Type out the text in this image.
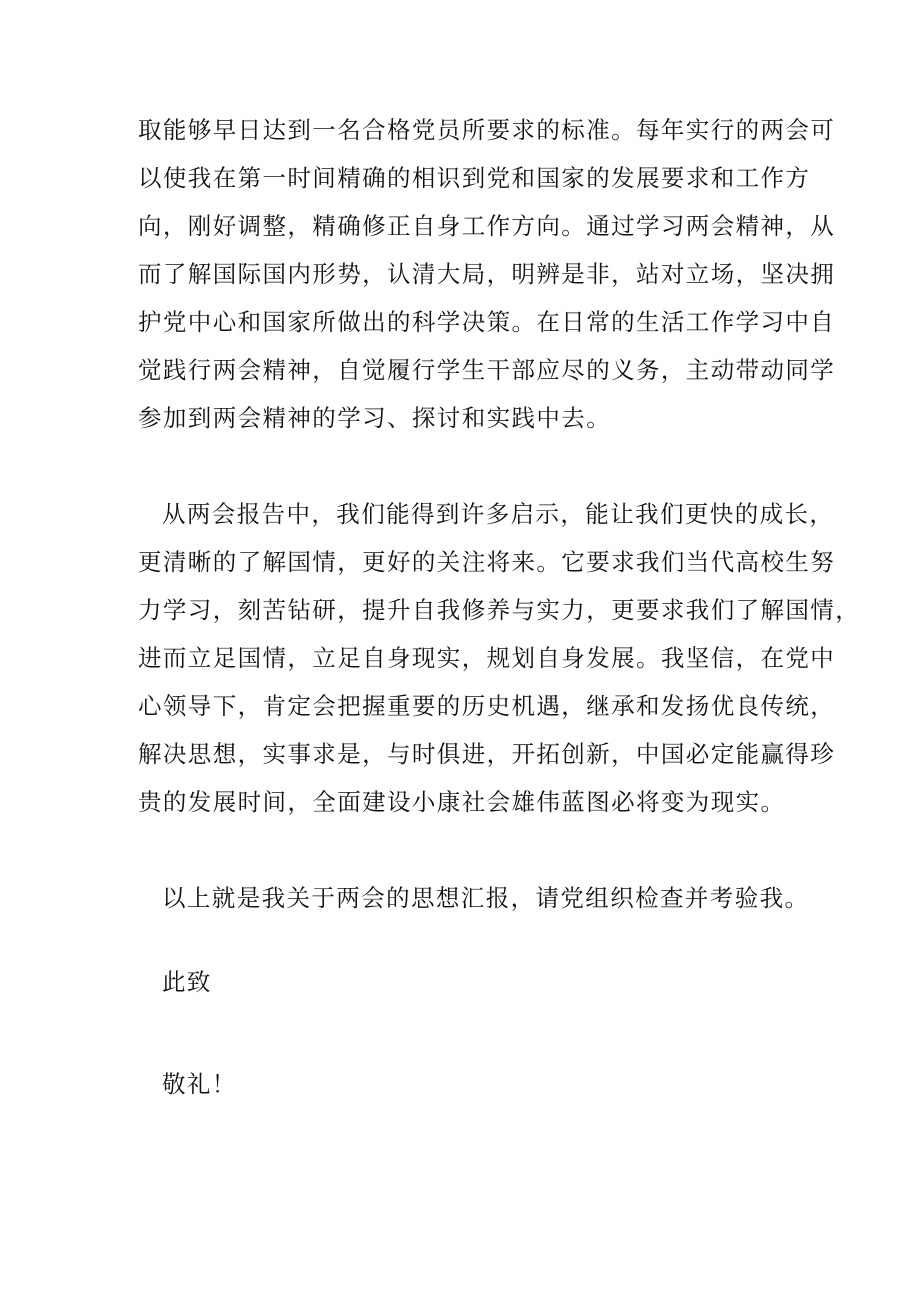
取能够早日达到一名合格党员所要求的标准。每年实行的两会可
以使我在第一时间精确的相识到党和国家的发展要求和工作方
向，刚好调整，精确修正自身工作方向。通过学习两会精神，从
而了解国际国内形势，认清大局，明辨是非，站对立场，坚决拥
护党中心和国家所做出的科学决策。在日常的生活工作学习中自
觉践行两会精神，自觉履行学生干部应尽的义务，主动带动同学
参加到两会精神的学习、探讨和实践中去。
从两会报告中，我们能得到许多启示，能让我们更快的成长，
更清晰的了解国情，更好的关注将来。它要求我们当代高校生努
力学习，刻苦钻研，提升自我修养与实力，更要求我们了解国情，
进而立足国情，立足自身现实，规划自身发展。我坚信，在党中
心领导下，肯定会把握重要的历史机遇，继承和发扬优良传统，
解决思想，实事求是，与时俱进，开拓创新，中国必定能赢得珍
贵的发展时间，全面建设小康社会雄伟蓝图必将变为现实。
以上就是我关于两会的思想汇报，请党组织检查并考验我。
此致
敬礼！
